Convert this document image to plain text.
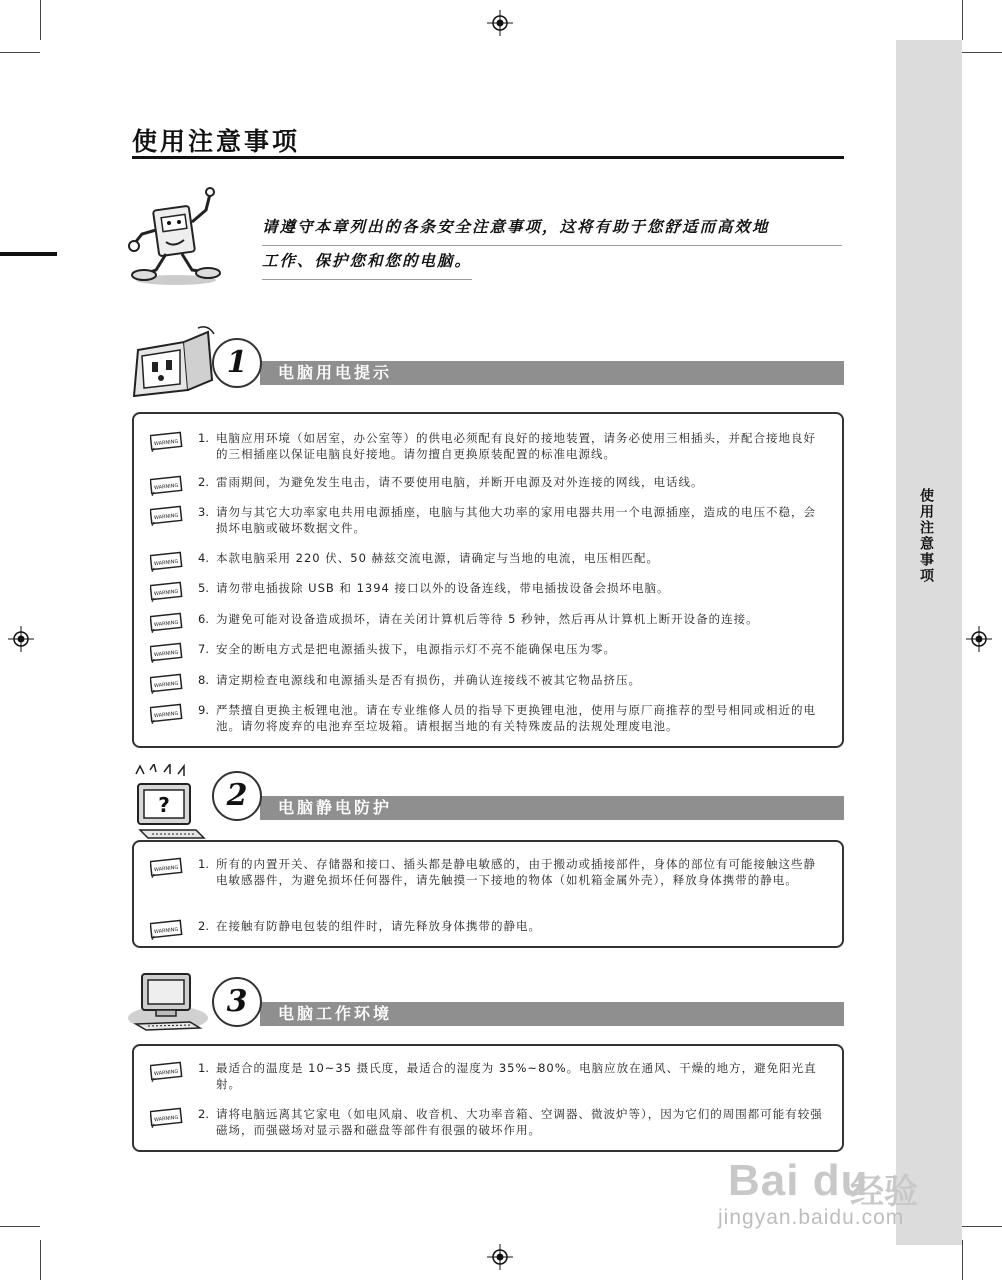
使用注意事项
使用注意事项
请遵守本章列出的各条安全注意事项，这将有助于您舒适而高效地
工作、保护您和您的电脑。
电脑用电提示
1
WARNING 1. 电脑应用环境（如居室，办公室等）的供电必须配有良好的接地装置，请务必使用三相插头，并配合接地良好的三相插座以保证电脑良好接地。请勿擅自更换原装配置的标准电源线。
WARNING 2. 雷雨期间，为避免发生电击，请不要使用电脑，并断开电源及对外连接的网线，电话线。
WARNING 3. 请勿与其它大功率家电共用电源插座，电脑与其他大功率的家用电器共用一个电源插座，造成的电压不稳，会损坏电脑或破坏数据文件。
WARNING 4. 本款电脑采用 220 伏、50 赫兹交流电源，请确定与当地的电流，电压相匹配。
WARNING 5. 请勿带电插拔除 USB 和 1394 接口以外的设备连线，带电插拔设备会损坏电脑。
WARNING 6. 为避免可能对设备造成损坏，请在关闭计算机后等待 5 秒钟，然后再从计算机上断开设备的连接。
WARNING 7. 安全的断电方式是把电源插头拔下，电源指示灯不亮不能确保电压为零。
WARNING 8. 请定期检查电源线和电源插头是否有损伤，并确认连接线不被其它物品挤压。
WARNING 9. 严禁擅自更换主板锂电池。请在专业维修人员的指导下更换锂电池，使用与原厂商推荐的型号相同或相近的电池。请勿将废弃的电池弃至垃圾箱。请根据当地的有关特殊废品的法规处理废电池。
?	电脑静电防护
2
WARNING 1. 所有的内置开关、存储器和接口、插头都是静电敏感的，由于搬动或插接部件，身体的部位有可能接触这些静电敏感器件，为避免损坏任何器件，请先触摸一下接地的物体（如机箱金属外壳），释放身体携带的静电。
WARNING 2. 在接触有防静电包装的组件时，请先释放身体携带的静电。
电脑工作环境
3
WARNING 1. 最适合的温度是 10~35 摄氏度，最适合的湿度为 35%~80%。电脑应放在通风、干燥的地方，避免阳光直射。
WARNING 2. 请将电脑远离其它家电（如电风扇、收音机、大功率音箱、空调器、微波炉等），因为它们的周围都可能有较强磁场，而强磁场对显示器和磁盘等部件有很强的破坏作用。
Bai du
经验
jingyan.baidu.com
